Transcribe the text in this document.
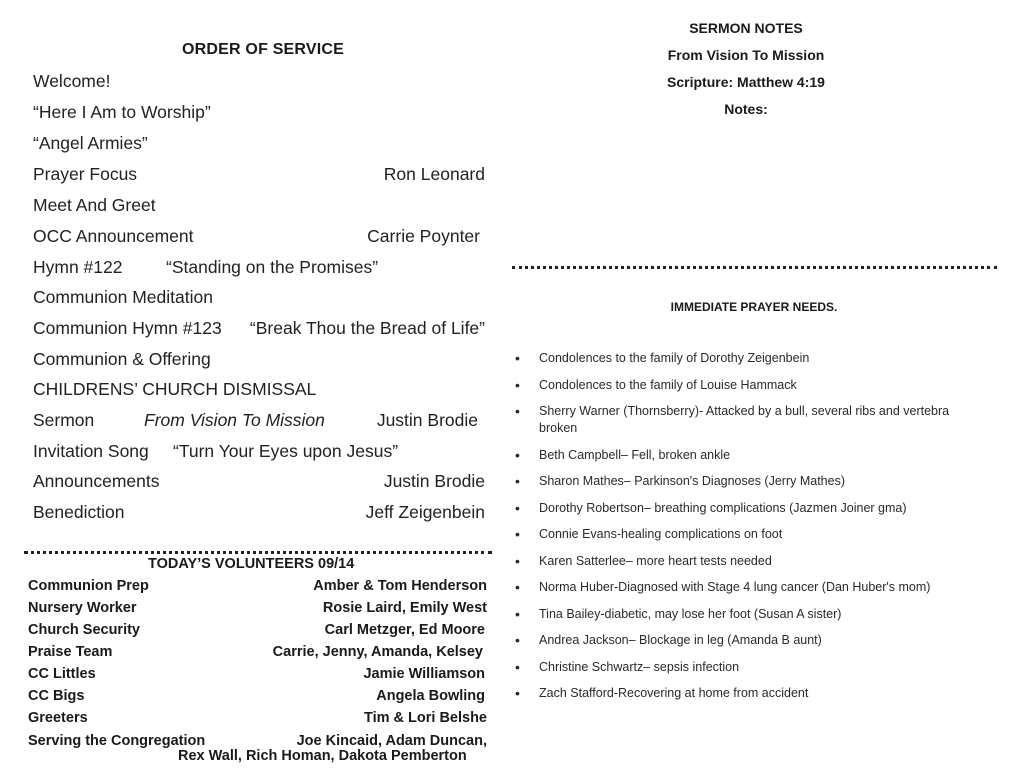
ORDER OF SERVICE
Welcome!
“Here I Am to Worship”
“Angel Armies”
Prayer Focus	Ron Leonard
Meet And Greet
OCC Announcement	Carrie Poynter
Hymn #122 “Standing on the Promises”
Communion Meditation
Communion Hymn #123 “Break Thou the Bread of Life”
Communion & Offering
CHILDRENS’ CHURCH DISMISSAL
Sermon	From Vision To Mission	Justin Brodie
Invitation Song “Turn Your Eyes upon Jesus”
Announcements	Justin Brodie
Benediction	Jeff Zeigenbein
TODAY’S VOLUNTEERS 09/14
Communion Prep	Amber & Tom Henderson
Nursery Worker	Rosie Laird, Emily West
Church Security	Carl Metzger, Ed Moore
Praise Team	Carrie, Jenny, Amanda, Kelsey
CC Littles	Jamie Williamson
CC Bigs	Angela Bowling
Greeters	Tim & Lori Belshe
Serving the Congregation	Joe Kincaid, Adam Duncan,
Rex Wall, Rich Homan, Dakota Pemberton
SERMON NOTES
From Vision To Mission
Scripture: Matthew 4:19
Notes:
IMMEDIATE PRAYER NEEDS.
• Condolences to the family of Dorothy Zeigenbein
• Condolences to the family of Louise Hammack
• Sherry Warner (Thornsberry)- Attacked by a bull, several ribs and vertebra broken
• Beth Campbell– Fell, broken ankle
• Sharon Mathes– Parkinson's Diagnoses (Jerry Mathes)
• Dorothy Robertson– breathing complications (Jazmen Joiner gma)
• Connie Evans-healing complications on foot
• Karen Satterlee– more heart tests needed
• Norma Huber-Diagnosed with Stage 4 lung cancer (Dan Huber's mom)
• Tina Bailey-diabetic, may lose her foot (Susan A sister)
• Andrea Jackson– Blockage in leg (Amanda B aunt)
• Christine Schwartz– sepsis infection
• Zach Stafford-Recovering at home from accident
